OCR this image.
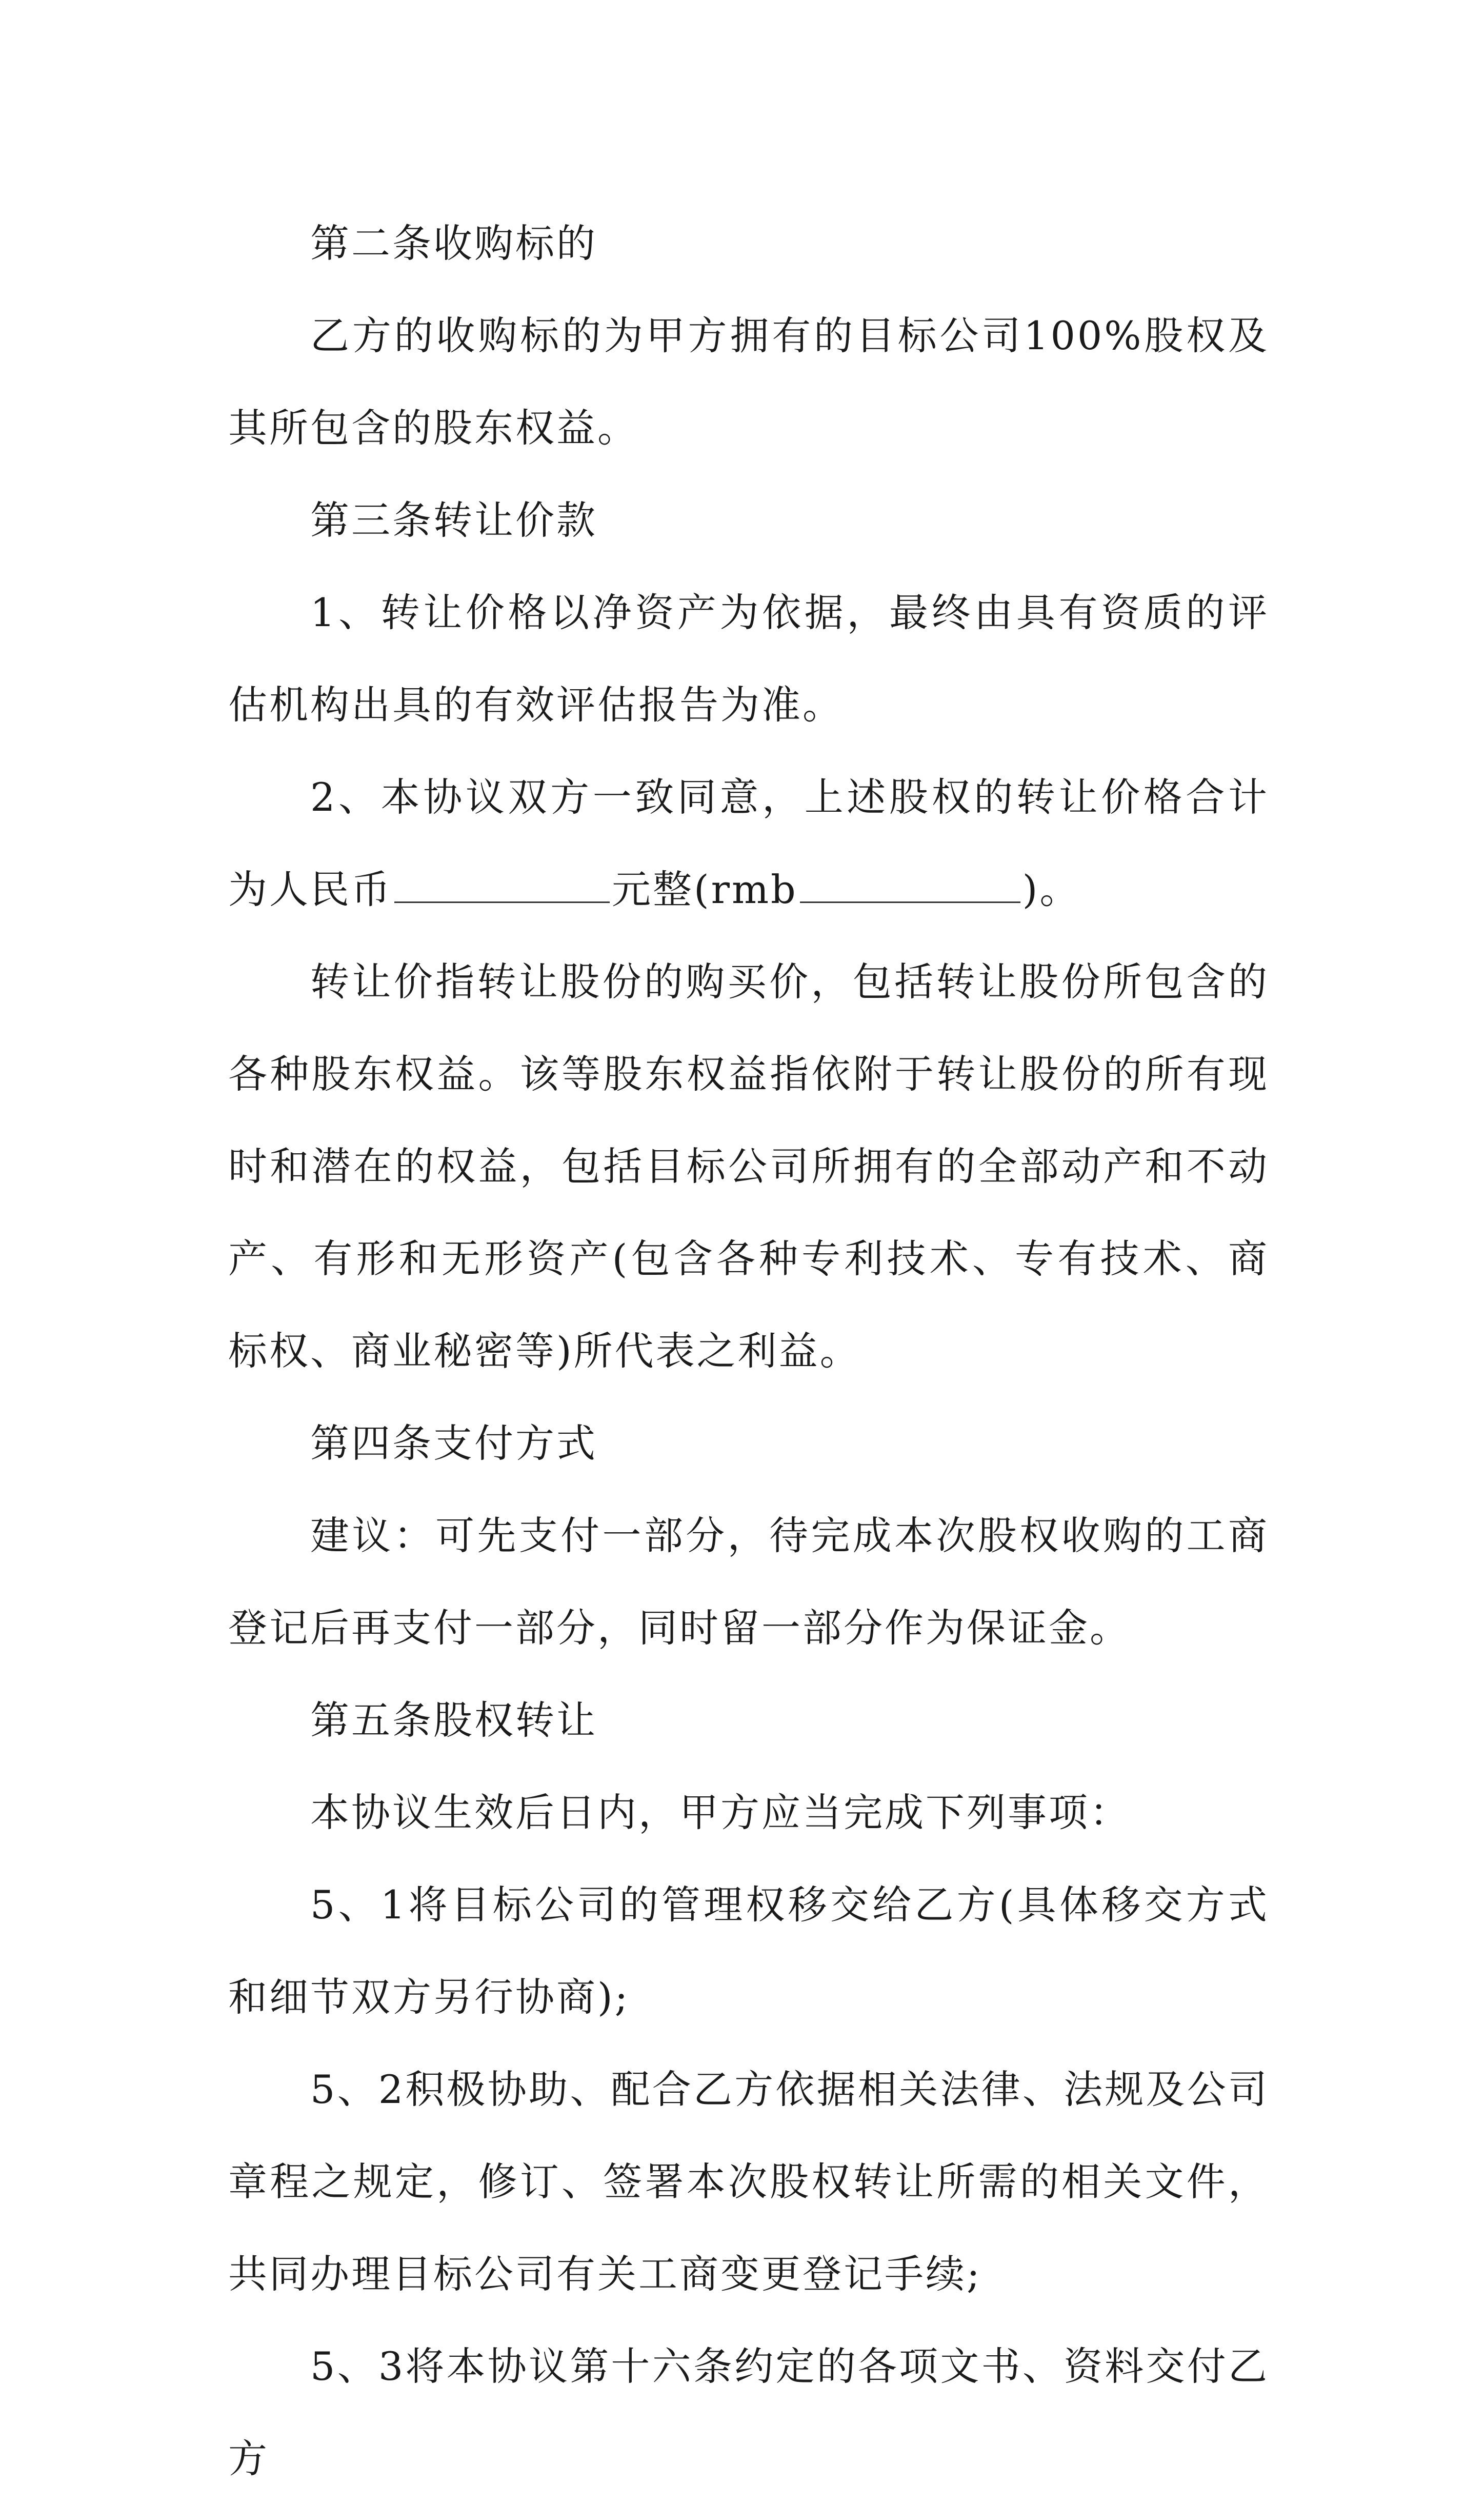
第二条收购标的

乙方的收购标的为甲方拥有的目标公司100%股权及其所包含的股东权益。

第三条转让价款

1、转让价格以净资产为依据，最终由具有资质的评估机构出具的有效评估报告为准。

2、本协议双方一致同意，上述股权的转让价格合计为人民币	元整(rmb	)。

转让价指转让股份的购买价，包括转让股份所包含的各种股东权益。该等股东权益指依附于转让股份的所有现时和潜在的权益，包括目标公司所拥有的全部动产和不动产、有形和无形资产(包含各种专利技术、专有技术、商标权、商业秘密等)所代表之利益。

第四条支付方式

建议：可先支付一部分，待完成本次股权收购的工商登记后再支付一部分，同时留一部分作为保证金。

第五条股权转让

本协议生效后日内，甲方应当完成下列事项：

5、1将目标公司的管理权移交给乙方(具体移交方式和细节双方另行协商);

5、2积极协助、配合乙方依据相关法律、法规及公司章程之规定，修订、签署本次股权转让所需的相关文件，共同办理目标公司有关工商变更登记手续;

5、3将本协议第十六条约定的各项文书、资料交付乙方
